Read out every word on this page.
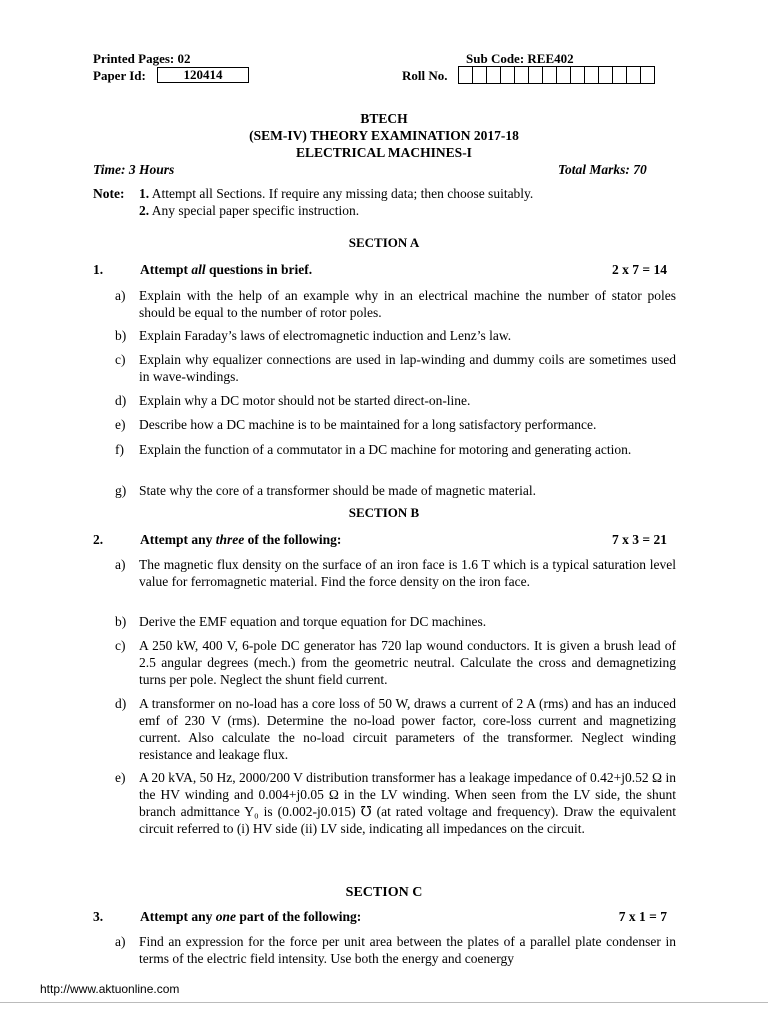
Printed Pages: 02	Sub Code: REE402
Paper Id:	120414	Roll No.
BTECH
(SEM-IV) THEORY EXAMINATION 2017-18
ELECTRICAL MACHINES-I
Time: 3 Hours	Total Marks: 70
Note: 1. Attempt all Sections. If require any missing data; then choose suitably.
2. Any special paper specific instruction.
SECTION A
1.	Attempt all questions in brief.	2 x 7 = 14
a) Explain with the help of an example why in an electrical machine the number of stator poles should be equal to the number of rotor poles.
b) Explain Faraday’s laws of electromagnetic induction and Lenz’s law.
c) Explain why equalizer connections are used in lap-winding and dummy coils are sometimes used in wave-windings.
d) Explain why a DC motor should not be started direct-on-line.
e) Describe how a DC machine is to be maintained for a long satisfactory performance.
f) Explain the function of a commutator in a DC machine for motoring and generating action.
g) State why the core of a transformer should be made of magnetic material.
SECTION B
2.	Attempt any three of the following:	7 x 3 = 21
a) The magnetic flux density on the surface of an iron face is 1.6 T which is a typical saturation level value for ferromagnetic material. Find the force density on the iron face.
b) Derive the EMF equation and torque equation for DC machines.
c) A 250 kW, 400 V, 6-pole DC generator has 720 lap wound conductors. It is given a brush lead of 2.5 angular degrees (mech.) from the geometric neutral. Calculate the cross and demagnetizing turns per pole. Neglect the shunt field current.
d) A transformer on no-load has a core loss of 50 W, draws a current of 2 A (rms) and has an induced emf of 230 V (rms). Determine the no-load power factor, core-loss current and magnetizing current. Also calculate the no-load circuit parameters of the transformer. Neglect winding resistance and leakage flux.
e) A 20 kVA, 50 Hz, 2000/200 V distribution transformer has a leakage impedance of 0.42+j0.52 Ω in the HV winding and 0.004+j0.05 Ω in the LV winding. When seen from the LV side, the shunt branch admittance Y₀ is (0.002-j0.015) ℧ (at rated voltage and frequency). Draw the equivalent circuit referred to (i) HV side (ii) LV side, indicating all impedances on the circuit.
SECTION C
3.	Attempt any one part of the following:	7 x 1 = 7
a) Find an expression for the force per unit area between the plates of a parallel plate condenser in terms of the electric field intensity. Use both the energy and coenergy
http://www.aktuonline.com
